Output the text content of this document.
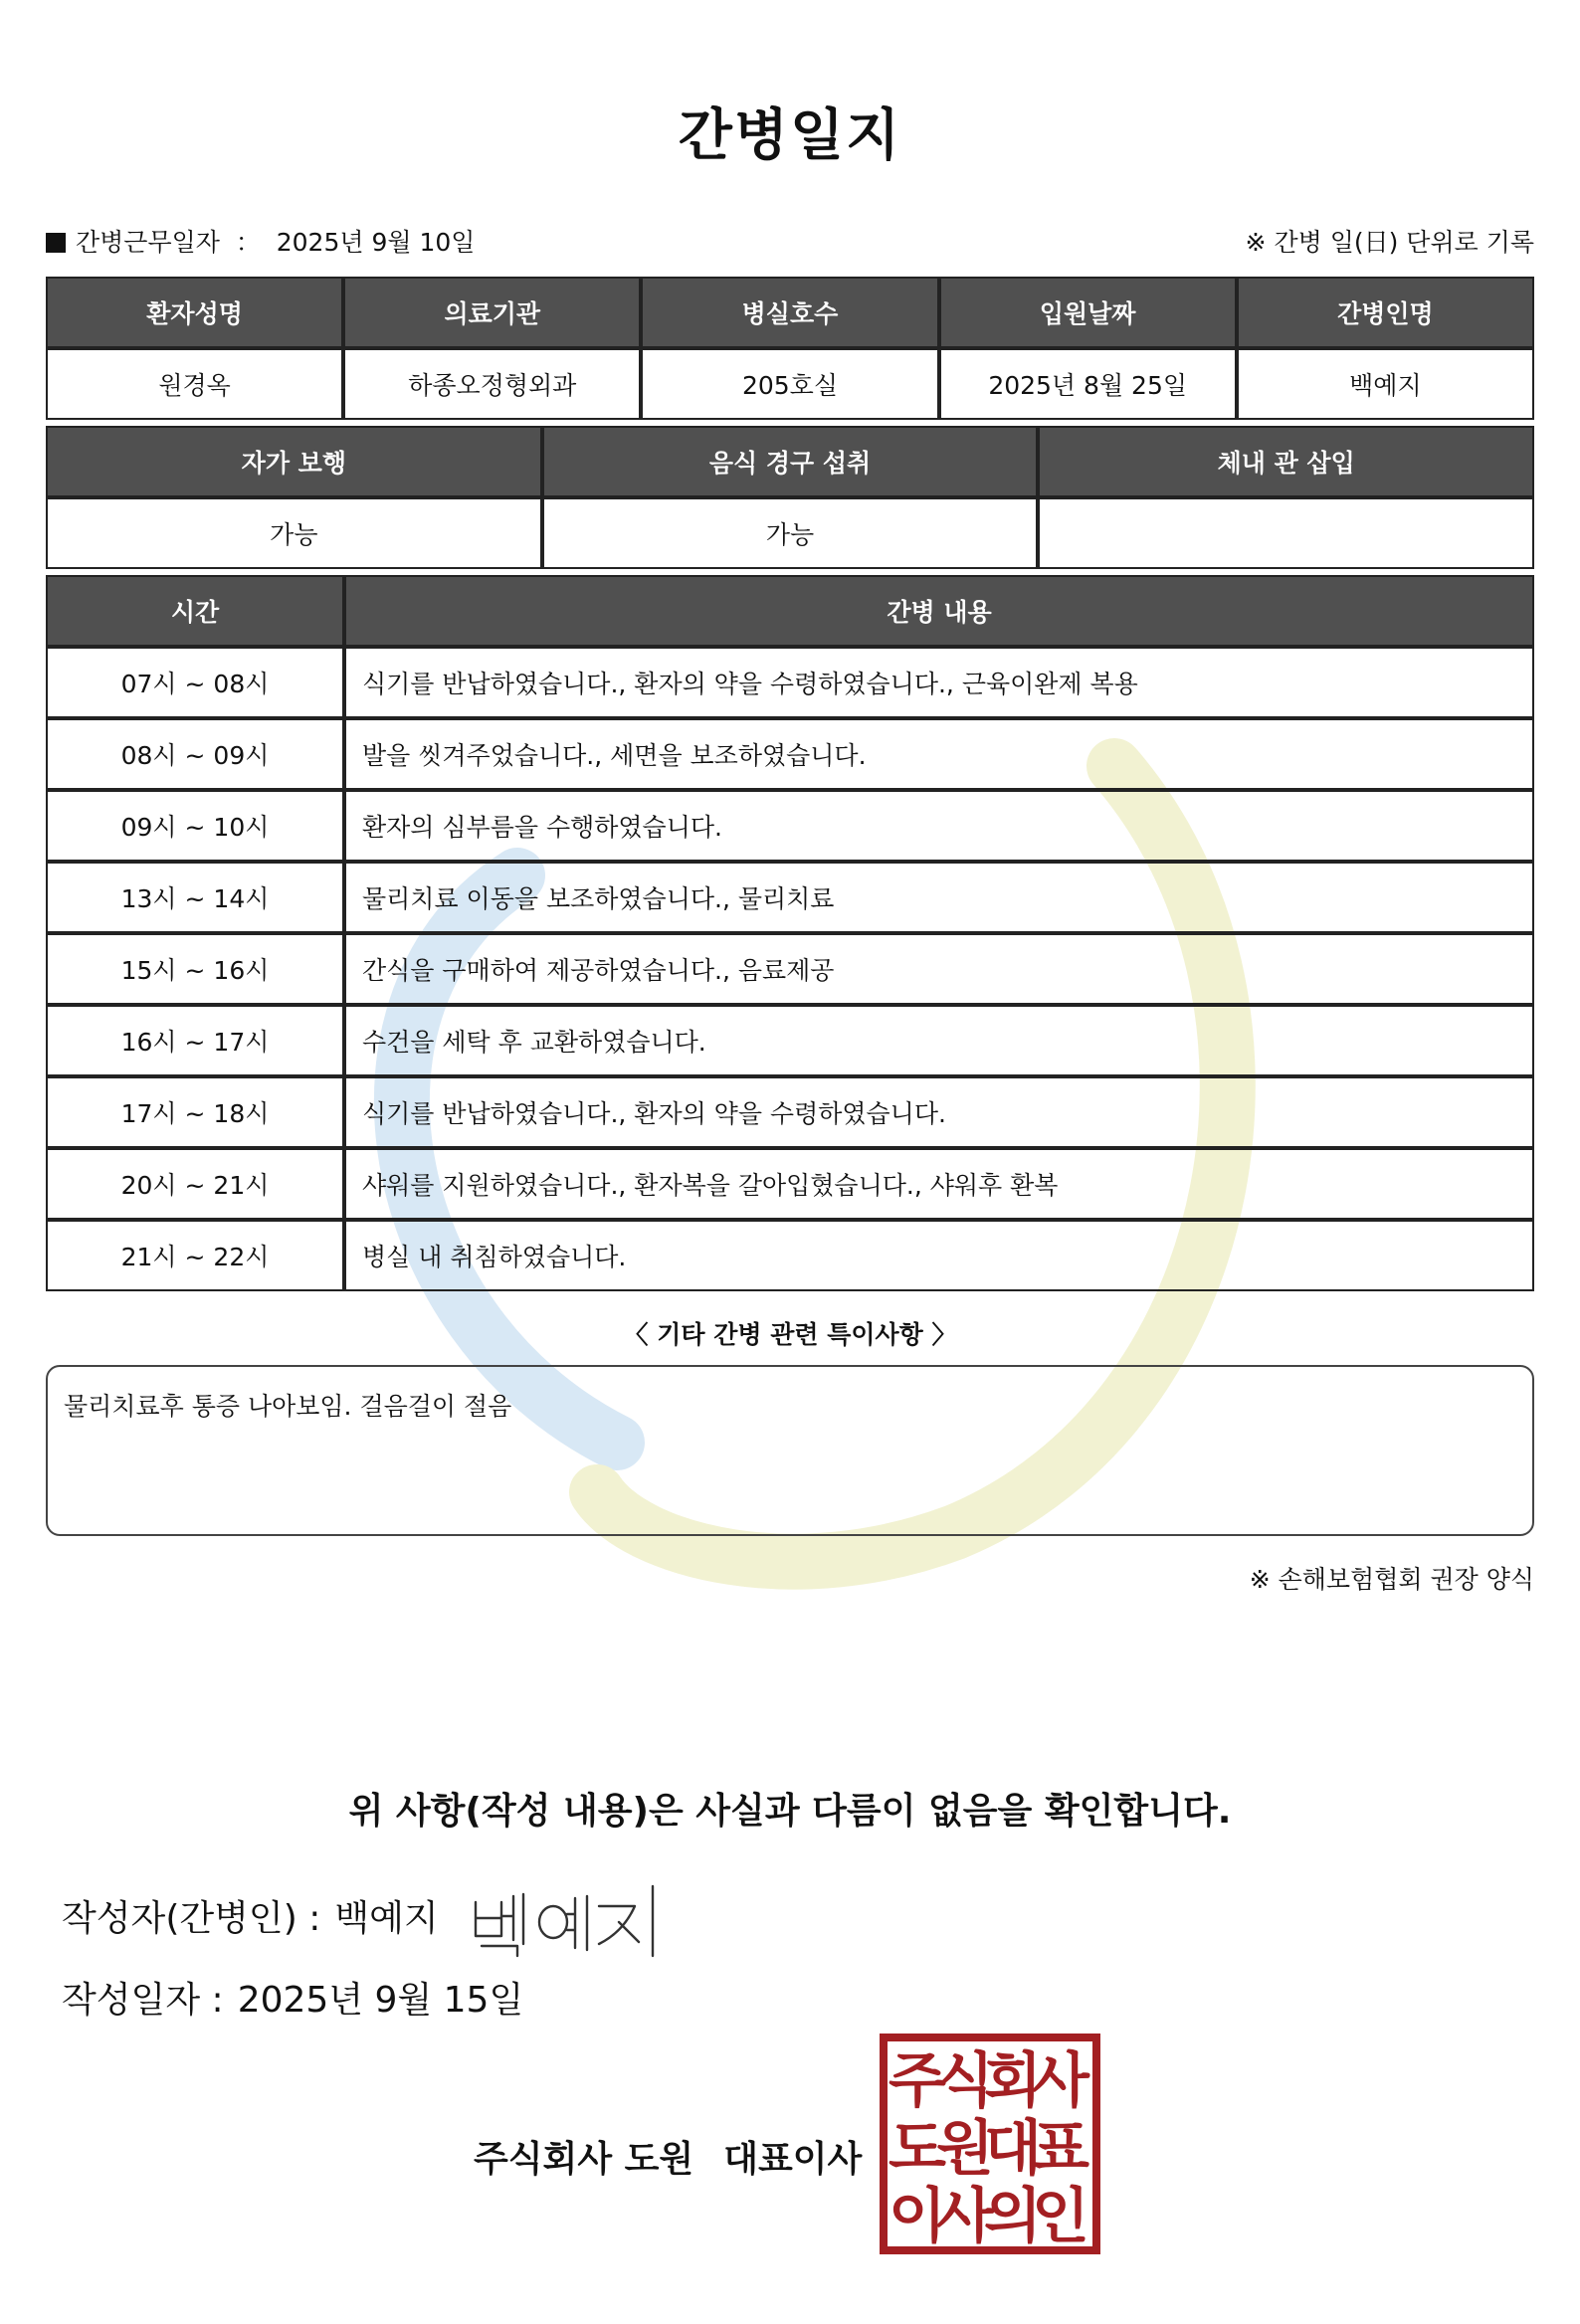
간병일지
간병근무일자 ： 2025년 9월 10일	※ 간병 일(日) 단위로 기록
환자성명	의료기관	병실호수	입원날짜	간병인명
원경옥	하종오정형외과	205호실	2025년 8월 25일	백예지
자가 보행	음식 경구 섭취	체내 관 삽입
가능	가능	
시간	간병 내용
07시 ~ 08시	식기를 반납하였습니다., 환자의 약을 수령하였습니다., 근육이완제 복용
08시 ~ 09시	발을 씻겨주었습니다., 세면을 보조하였습니다.
09시 ~ 10시	환자의 심부름을 수행하였습니다.
13시 ~ 14시	물리치료 이동을 보조하였습니다., 물리치료
15시 ~ 16시	간식을 구매하여 제공하였습니다., 음료제공
16시 ~ 17시	수건을 세탁 후 교환하였습니다.
17시 ~ 18시	식기를 반납하였습니다., 환자의 약을 수령하였습니다.
20시 ~ 21시	샤워를 지원하였습니다., 환자복을 갈아입혔습니다., 샤워후 환복
21시 ~ 22시	병실 내 취침하였습니다.
〈 기타 간병 관련 특이사항 〉
물리치료후 통증 나아보임. 걸음걸이 절음
※ 손해보험협회 권장 양식
위 사항(작성 내용)은 사실과 다름이 없음을 확인합니다.
작성자(간병인) : 백예지
작성일자 : 2025년 9월 15일
주식회사 도원 대표이사
주
식
회
사
도
원
대
표
이
사
의
인
